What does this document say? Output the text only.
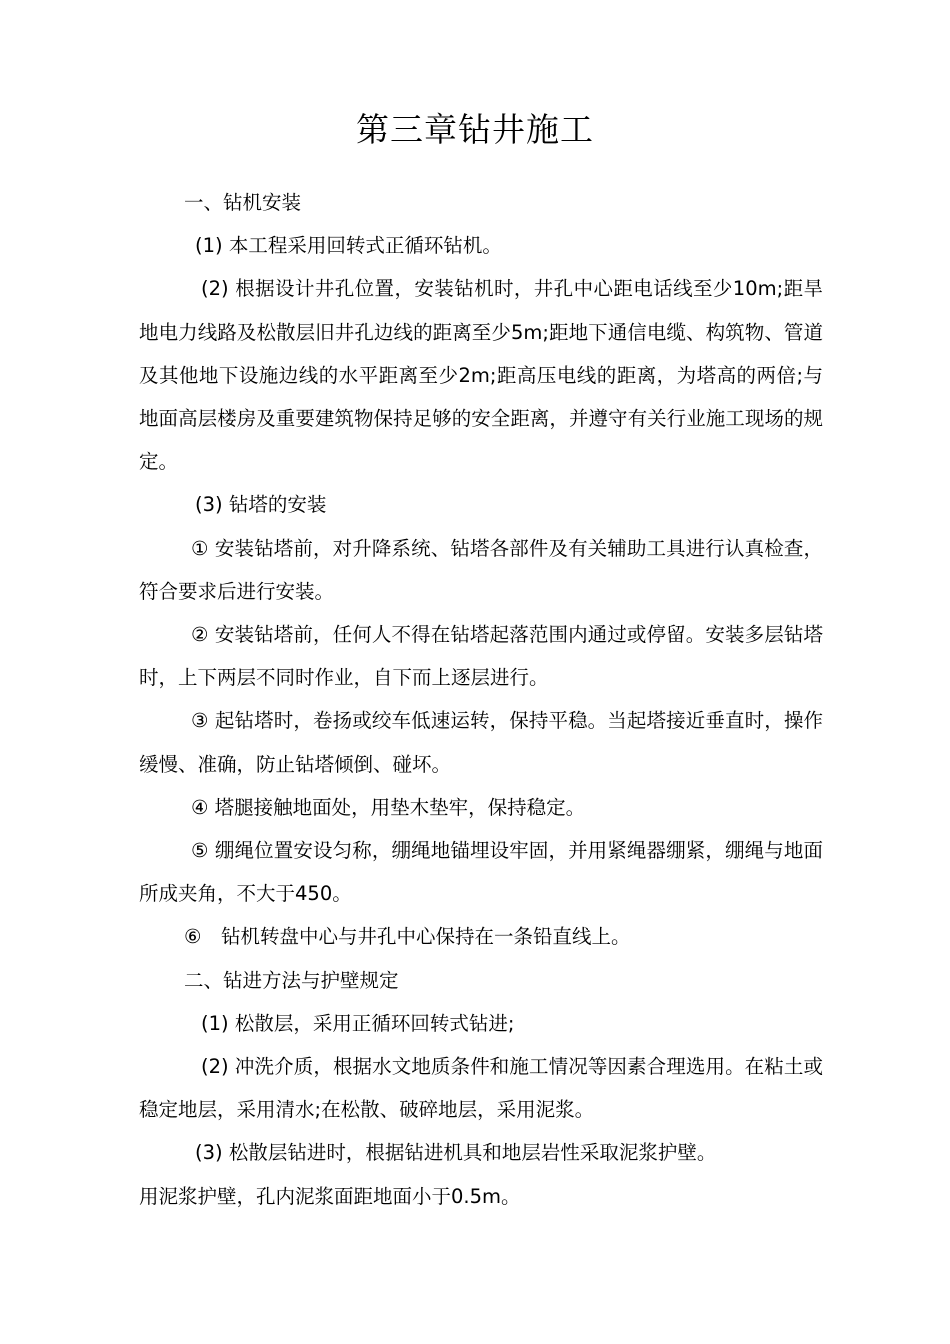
第三章钻井施工

一、钻机安装

(1) 本工程采用回转式正循环钻机。

(2) 根据设计井孔位置，安装钻机时，井孔中心距电话线至少10m;距旱地电力线路及松散层旧井孔边线的距离至少5m;距地下通信电缆、构筑物、管道及其他地下设施边线的水平距离至少2m;距高压电线的距离，为塔高的两倍;与地面高层楼房及重要建筑物保持足够的安全距离，并遵守有关行业施工现场的规定。

(3) 钻塔的安装

① 安装钻塔前，对升降系统、钻塔各部件及有关辅助工具进行认真检查，符合要求后进行安装。

② 安装钻塔前，任何人不得在钻塔起落范围内通过或停留。安装多层钻塔时，上下两层不同时作业，自下而上逐层进行。

③ 起钻塔时，卷扬或绞车低速运转，保持平稳。当起塔接近垂直时，操作缓慢、准确，防止钻塔倾倒、碰坏。

④ 塔腿接触地面处，用垫木垫牢，保持稳定。

⑤ 绷绳位置安设匀称，绷绳地锚埋设牢固，并用紧绳器绷紧，绷绳与地面所成夹角，不大于450。

⑥　钻机转盘中心与井孔中心保持在一条铅直线上。

二、钻进方法与护壁规定

(1) 松散层，采用正循环回转式钻进;

(2) 冲洗介质，根据水文地质条件和施工情况等因素合理选用。在粘土或稳定地层，采用清水;在松散、破碎地层，采用泥浆。

(3) 松散层钻进时，根据钻进机具和地层岩性采取泥浆护壁。

用泥浆护壁，孔内泥浆面距地面小于0.5m。
